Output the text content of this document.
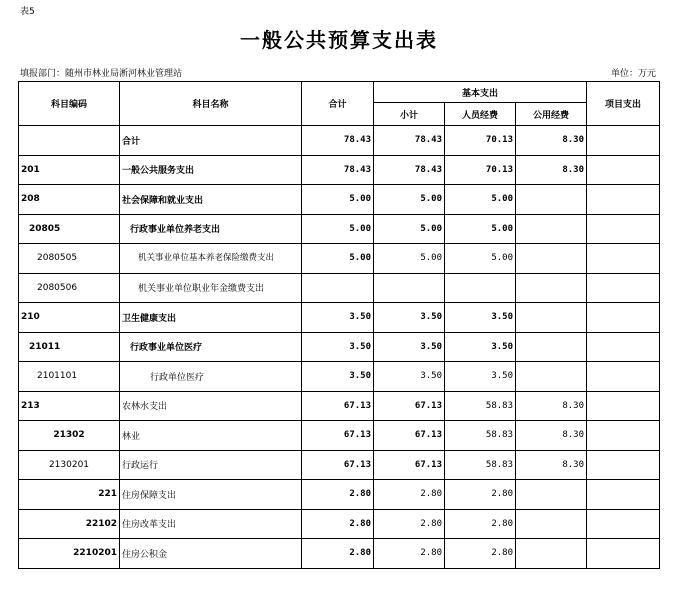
表5
一般公共预算支出表
填报部门：随州市林业局淅河林业管理站	单位：万元
科目编码	科目名称	合计	基本支出			项目支出
			小计	人员经费	公用经费	
	合计	78.43	78.43	70.13	8.30	
201	一般公共服务支出	78.43	78.43	70.13	8.30	
208	社会保障和就业支出	5.00	5.00	5.00		
20805	行政事业单位养老支出	5.00	5.00	5.00		
2080505	机关事业单位基本养老保险缴费支出	5.00	5.00	5.00		
2080506	机关事业单位职业年金缴费支出					
210	卫生健康支出	3.50	3.50	3.50		
21011	行政事业单位医疗	3.50	3.50	3.50		
2101101	行政单位医疗	3.50	3.50	3.50		
213	农林水支出	67.13	67.13	58.83	8.30	
21302	林业	67.13	67.13	58.83	8.30	
2130201	行政运行	67.13	67.13	58.83	8.30	
221	住房保障支出	2.80	2.80	2.80		
22102	住房改革支出	2.80	2.80	2.80		
2210201	住房公积金	2.80	2.80	2.80		
